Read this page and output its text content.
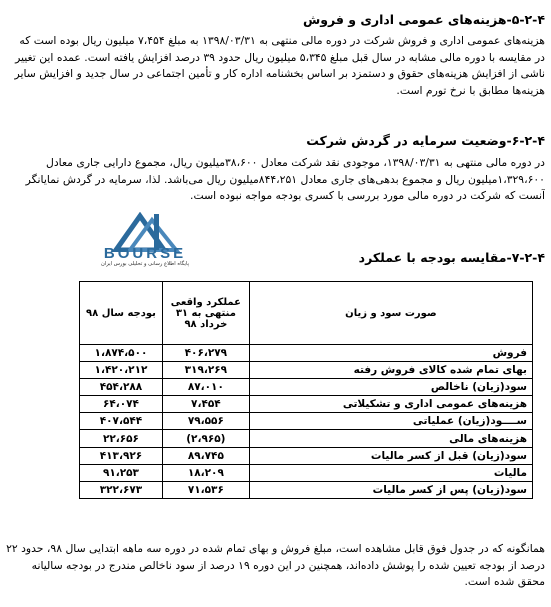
۵-۲-۴-هزینه‌های عمومی اداری و فروش

هزینه‌های عمومی اداری و فروش شرکت در دوره مالی منتهی به ۱۳۹۸/۰۳/۳۱ به مبلغ ۷،۴۵۴ میلیون ریال بوده است که

در مقایسه با دوره مالی مشابه در سال قبل مبلغ ۵،۳۴۵ میلیون ریال حدود ۳۹ درصد افزایش یافته است. عمده این تغییر

ناشی از افزایش هزینه‌های حقوق و دستمزد بر اساس بخشنامه اداره کار و تأمین اجتماعی در سال جدید و افزایش سایر

هزینه‌ها مطابق با نرخ تورم است.

۶-۲-۴-وضعیت سرمایه در گردش شرکت

در دوره مالی منتهی به ۱۳۹۸/۰۳/۳۱، موجودی نقد شرکت معادل ۳۸،۶۰۰میلیون ریال، مجموع دارایی جاری معادل

۱،۳۲۹،۶۰۰میلیون ریال و مجموع بدهی‌های جاری معادل ۸۴۴،۲۵۱میلیون ریال می‌باشد. لذا، سرمایه در گردش نمایانگر

آنست که شرکت در دوره مالی مورد بررسی با کسری بودجه مواجه نبوده است.

BOURSE
پایگاه اطلاع رسانی و تحلیلی بورس ایران	۷-۲-۴-مقایسه بودجه با عملکرد
صورت سود و زیان	عملکرد واقعی منتهی به ۳۱ خرداد ۹۸	بودجه سال ۹۸
فروش	۴۰۶،۲۷۹	۱،۸۷۴،۵۰۰
بهای تمام شده کالای فروش رفته	۳۱۹،۲۶۹	۱،۴۲۰،۲۱۲
سود(زیان) ناخالص	۸۷،۰۱۰	۴۵۴،۲۸۸
هزینه‌های عمومی اداری و تشکیلاتی	۷،۴۵۴	۶۴،۰۷۴
ســــود(زیان) عملیاتی	۷۹،۵۵۶	۴۰۷،۵۴۴
هزینه‌های مالی	(۲،۹۶۵)	۲۲،۶۵۶
سود(زیان) قبل از کسر مالیات	۸۹،۷۴۵	۴۱۳،۹۲۶
مالیات	۱۸،۲۰۹	۹۱،۲۵۳
سود(زیان) پس از کسر مالیات	۷۱،۵۳۶	۳۲۲،۶۷۳

همانگونه که در جدول فوق قابل مشاهده است، مبلغ فروش و بهای تمام شده در دوره سه ماهه ابتدایی سال ۹۸، حدود ۲۲

درصد از بودجه تعیین شده را پوشش داده‌اند، همچنین در این دوره ۱۹ درصد از سود ناخالص مندرج در بودجه سالیانه

محقق شده است.
